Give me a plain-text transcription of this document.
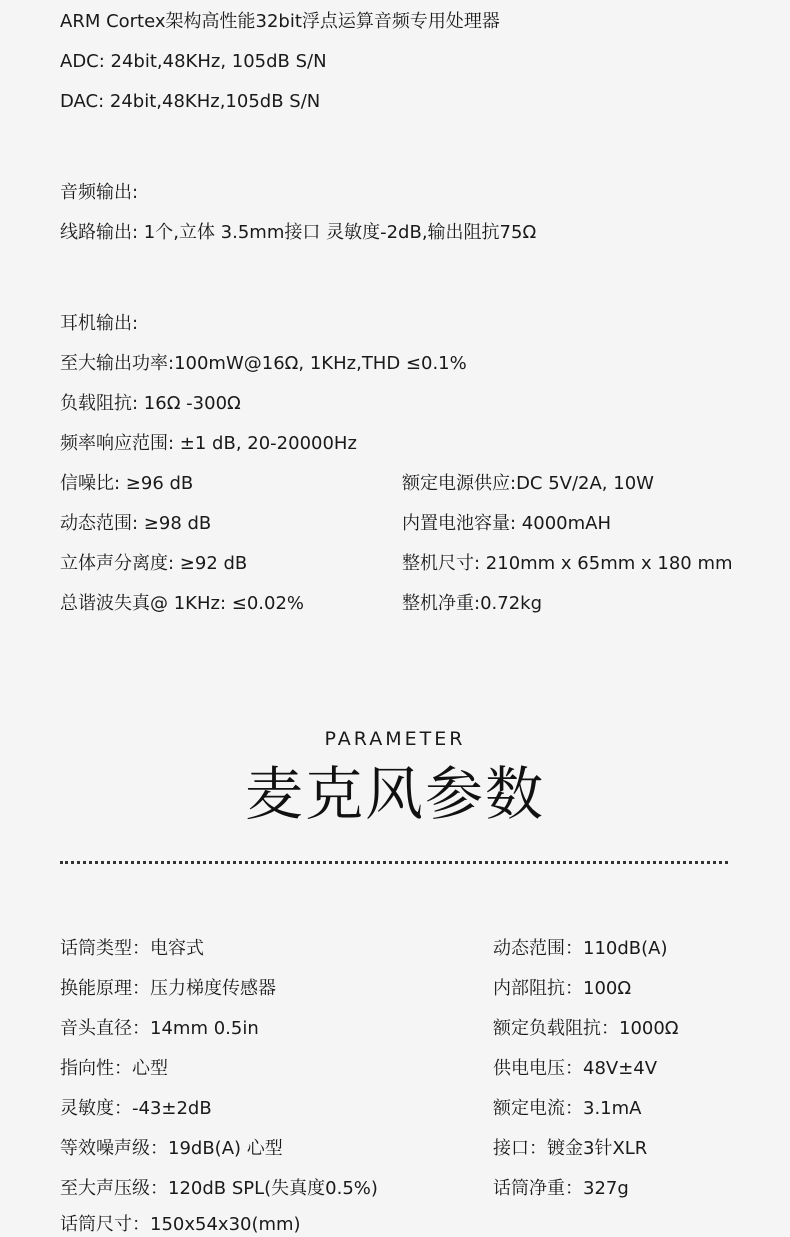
ARM Cortex架构高性能32bit浮点运算音频专用处理器
ADC: 24bit,48KHz, 105dB S/N
DAC: 24bit,48KHz,105dB S/N
音频输出:
线路输出: 1个,立体 3.5mm接口 灵敏度-2dB,输出阻抗75Ω
耳机输出:
至大输出功率:100mW@16Ω, 1KHz,THD ≤0.1%
负载阻抗: 16Ω -300Ω
频率响应范围: ±1 dB, 20-20000Hz
信噪比: ≥96 dB
动态范围: ≥98 dB
立体声分离度: ≥92 dB
总谐波失真@ 1KHz: ≤0.02%
额定电源供应:DC 5V/2A, 10W
内置电池容量: 4000mAH
整机尺寸: 210mm x 65mm x 180 mm
整机净重:0.72kg
PARAMETER
麦克风参数
话筒类型：电容式
换能原理：压力梯度传感器
音头直径：14mm 0.5in
指向性：心型
灵敏度：-43±2dB
等效噪声级：19dB(A) 心型
至大声压级：120dB SPL(失真度0.5%)
话筒尺寸：150x54x30(mm)
动态范围：110dB(A)
内部阻抗：100Ω
额定负载阻抗：1000Ω
供电电压：48V±4V
额定电流：3.1mA
接口：镀金3针XLR
话筒净重：327g
